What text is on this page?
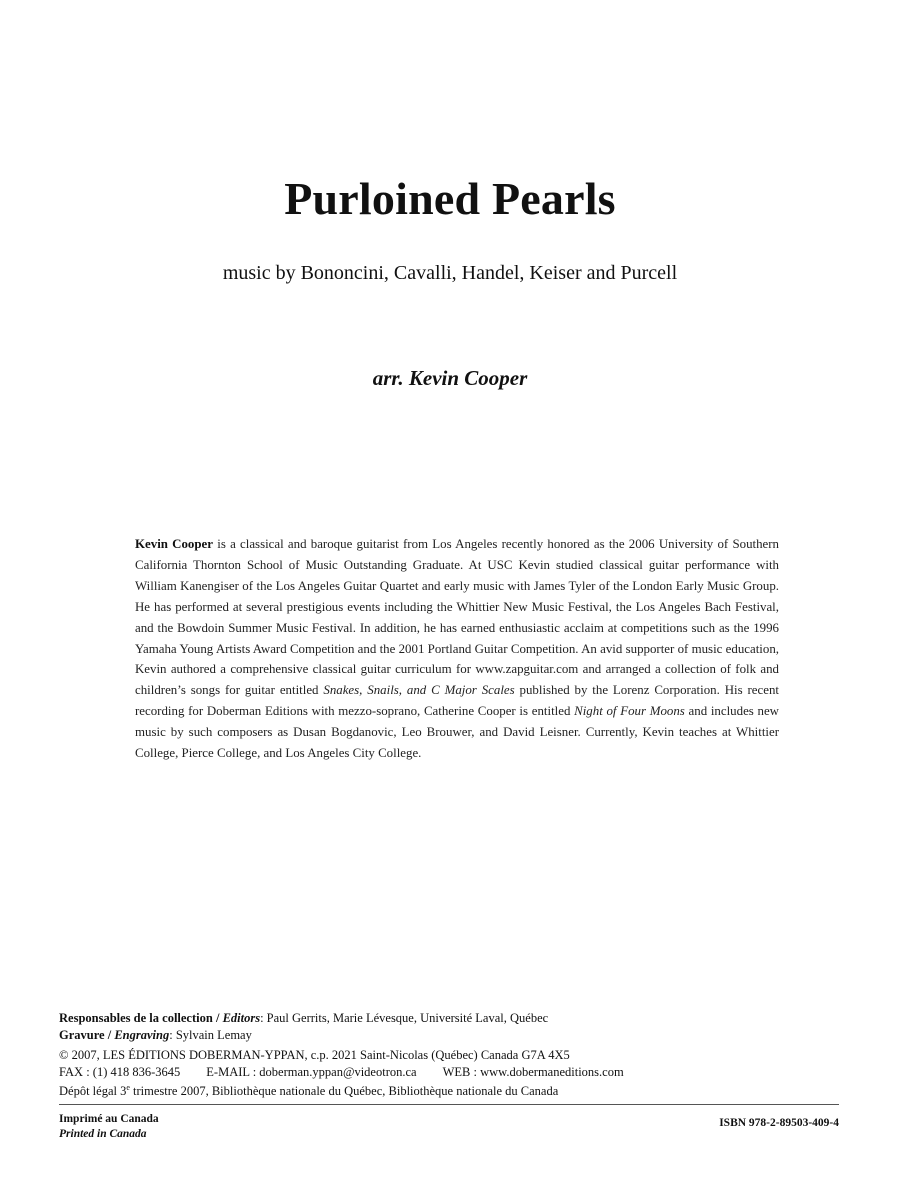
Purloined Pearls

music by Bononcini, Cavalli, Handel, Keiser and Purcell

arr. Kevin Cooper

Kevin Cooper is a classical and baroque guitarist from Los Angeles recently honored as the 2006 University of Southern California Thornton School of Music Outstanding Graduate. At USC Kevin studied classical guitar performance with William Kanengiser of the Los Angeles Guitar Quartet and early music with James Tyler of the London Early Music Group. He has performed at several prestigious events including the Whittier New Music Festival, the Los Angeles Bach Festival, and the Bowdoin Summer Music Festival. In addition, he has earned enthusiastic acclaim at competitions such as the 1996 Yamaha Young Artists Award Competition and the 2001 Portland Guitar Competition. An avid supporter of music education, Kevin authored a comprehensive classical guitar curriculum for www.zapguitar.com and arranged a collection of folk and children’s songs for guitar entitled Snakes, Snails, and C Major Scales published by the Lorenz Corporation. His recent recording for Doberman Editions with mezzo-soprano, Catherine Cooper is entitled Night of Four Moons and includes new music by such composers as Dusan Bogdanovic, Leo Brouwer, and David Leisner. Currently, Kevin teaches at Whittier College, Pierce College, and Los Angeles City College.

Responsables de la collection / Editors: Paul Gerrits, Marie Lévesque, Université Laval, Québec

Gravure / Engraving: Sylvain Lemay

© 2007, LES ÉDITIONS DOBERMAN-YPPAN, c.p. 2021 Saint-Nicolas (Québec) Canada G7A 4X5

FAX : (1) 418 836-3645 E-MAIL : doberman.yppan@videotron.ca WEB : www.dobermaneditions.com

Dépôt légal 3e trimestre 2007, Bibliothèque nationale du Québec, Bibliothèque nationale du Canada

Imprimé au Canada

Printed in Canada

ISBN 978-2-89503-409-4
